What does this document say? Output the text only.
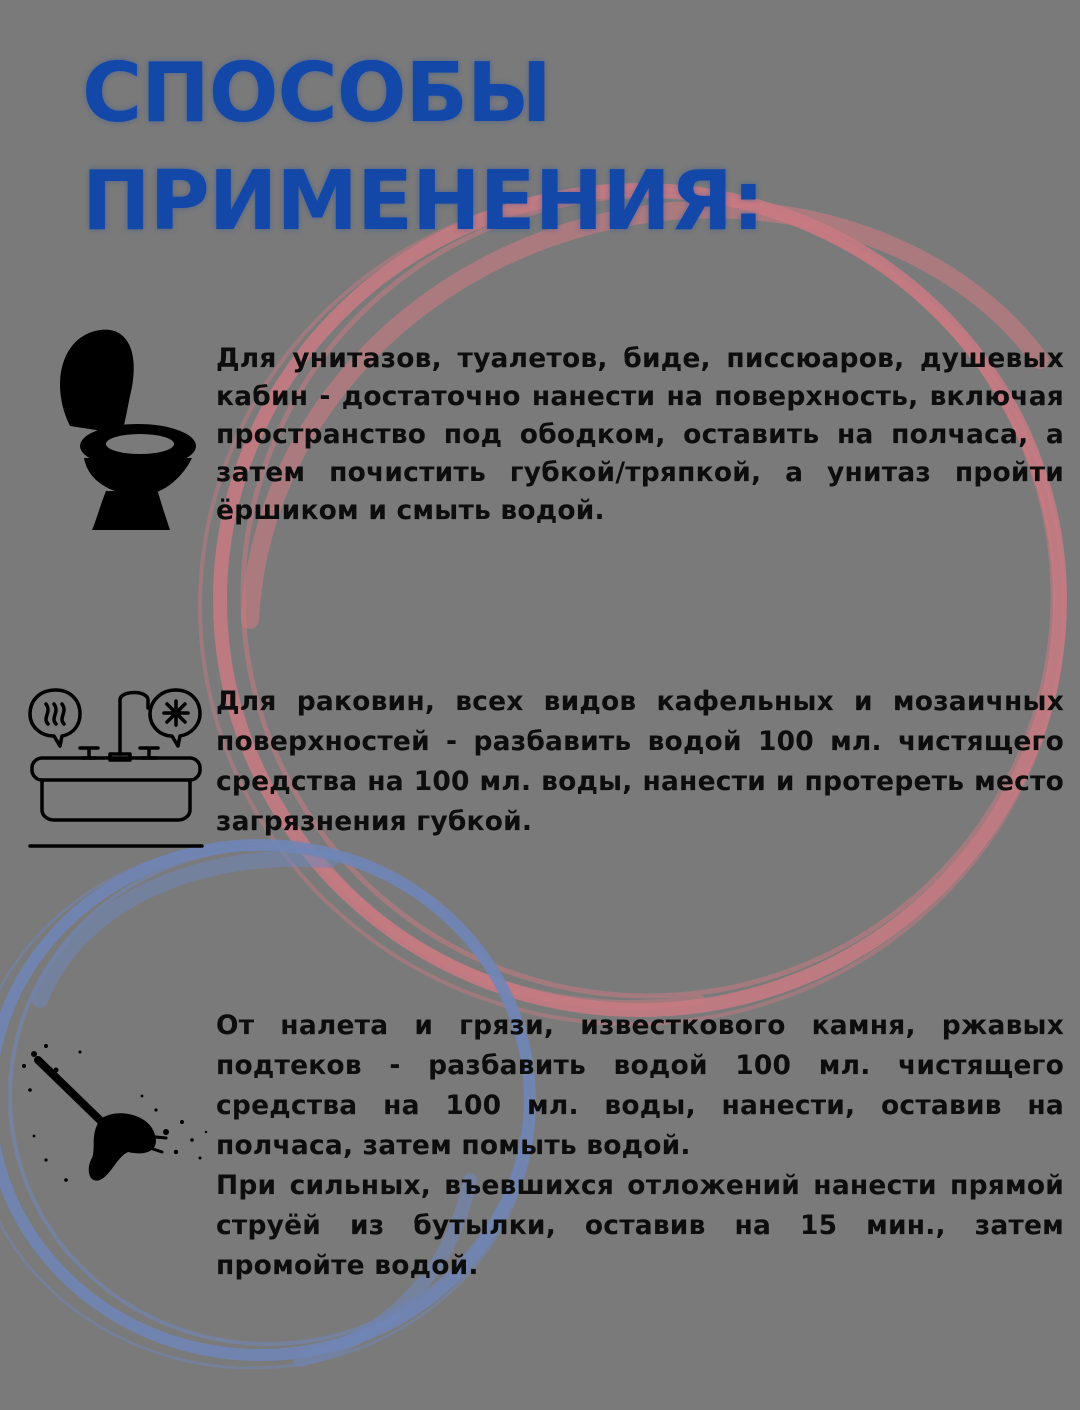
СПОСОБЫ
ПРИМЕНЕНИЯ:

Для унитазов, туалетов, биде, писсюаров, душевых кабин - достаточно нанести на поверхность, включая пространство под ободком, оставить на полчаса, а затем почистить губкой/тряпкой, а унитаз пройти ёршиком и смыть водой.

Для раковин, всех видов кафельных и мозаичных поверхностей - разбавить водой 100 мл. чистящего средства на 100 мл. воды, нанести и протереть место загрязнения губкой.

От налета и грязи, известкового камня, ржавых подтеков - разбавить водой 100 мл. чистящего средства на 100 мл. воды, нанести, оставив на полчаса, затем помыть водой.
При сильных, въевшихся отложений нанести прямой струёй из бутылки, оставив на 15 мин., затем промойте водой.
